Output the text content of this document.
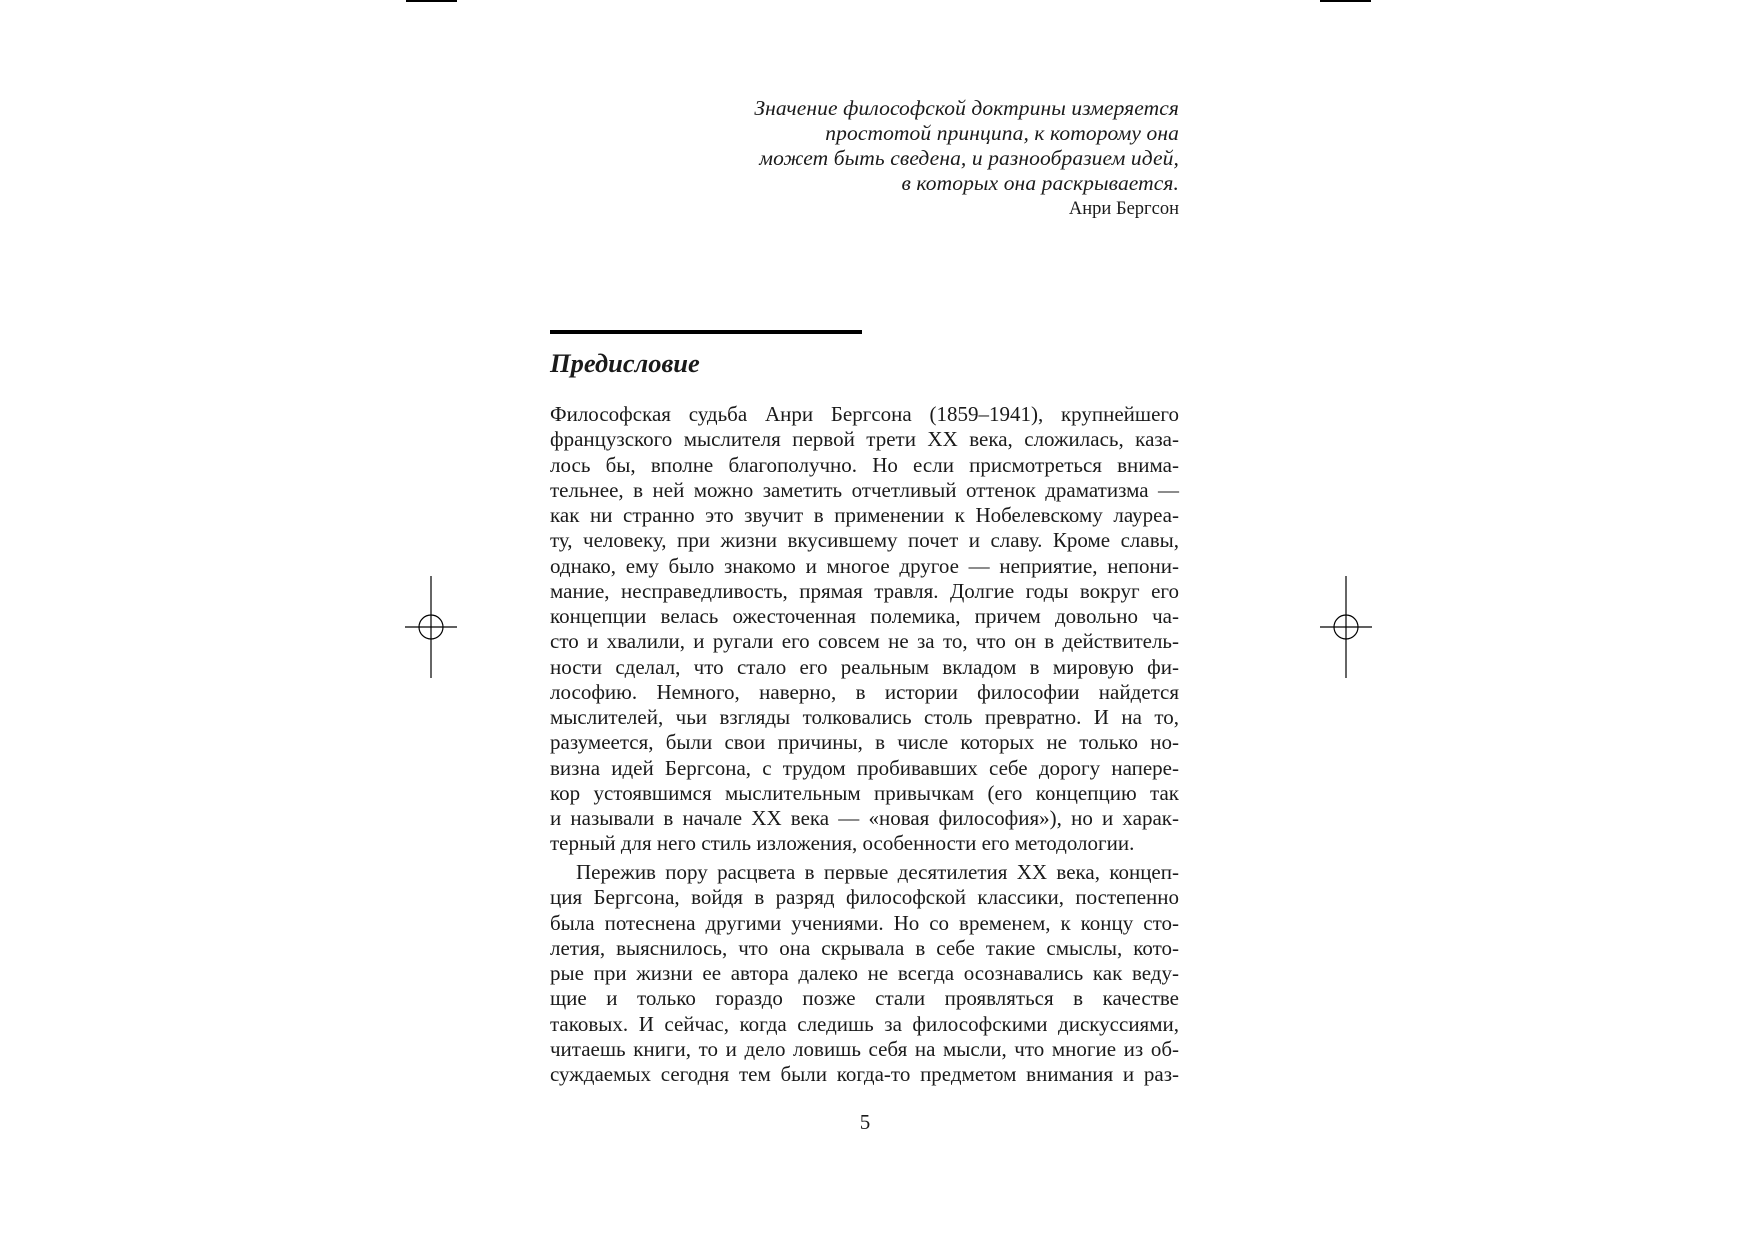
Значение философской доктрины измеряется
простотой принципа, к которому она
может быть сведена, и разнообразием идей,
в которых она раскрывается.
Анри Бергсон
Предисловие
Философская судьба Анри Бергсона (1859–1941), крупнейшего
французского мыслителя первой трети ХХ века, сложилась, каза-
лось бы, вполне благополучно. Но если присмотреться внима-
тельнее, в ней можно заметить отчетливый оттенок драматизма —
как ни странно это звучит в применении к Нобелевскому лауреа-
ту, человеку, при жизни вкусившему почет и славу. Кроме славы,
однако, ему было знакомо и многое другое — неприятие, непони-
мание, несправедливость, прямая травля. Долгие годы вокруг его
концепции велась ожесточенная полемика, причем довольно ча-
сто и хвалили, и ругали его совсем не за то, что он в действитель-
ности сделал, что стало его реальным вкладом в мировую фи-
лософию. Немного, наверно, в истории философии найдется
мыслителей, чьи взгляды толковались столь превратно. И на то,
разумеется, были свои причины, в числе которых не только но-
визна идей Бергсона, с трудом пробивавших себе дорогу напере-
кор устоявшимся мыслительным привычкам (его концепцию так
и называли в начале ХХ века — «новая философия»), но и харак-
терный для него стиль изложения, особенности его методологии.
Пережив пору расцвета в первые десятилетия ХХ века, концеп-
ция Бергсона, войдя в разряд философской классики, постепенно
была потеснена другими учениями. Но со временем, к концу сто-
летия, выяснилось, что она скрывала в себе такие смыслы, кото-
рые при жизни ее автора далеко не всегда осознавались как веду-
щие и только гораздо позже стали проявляться в качестве
таковых. И сейчас, когда следишь за философскими дискуссиями,
читаешь книги, то и дело ловишь себя на мысли, что многие из об-
суждаемых сегодня тем были когда-то предметом внимания и раз-
5
